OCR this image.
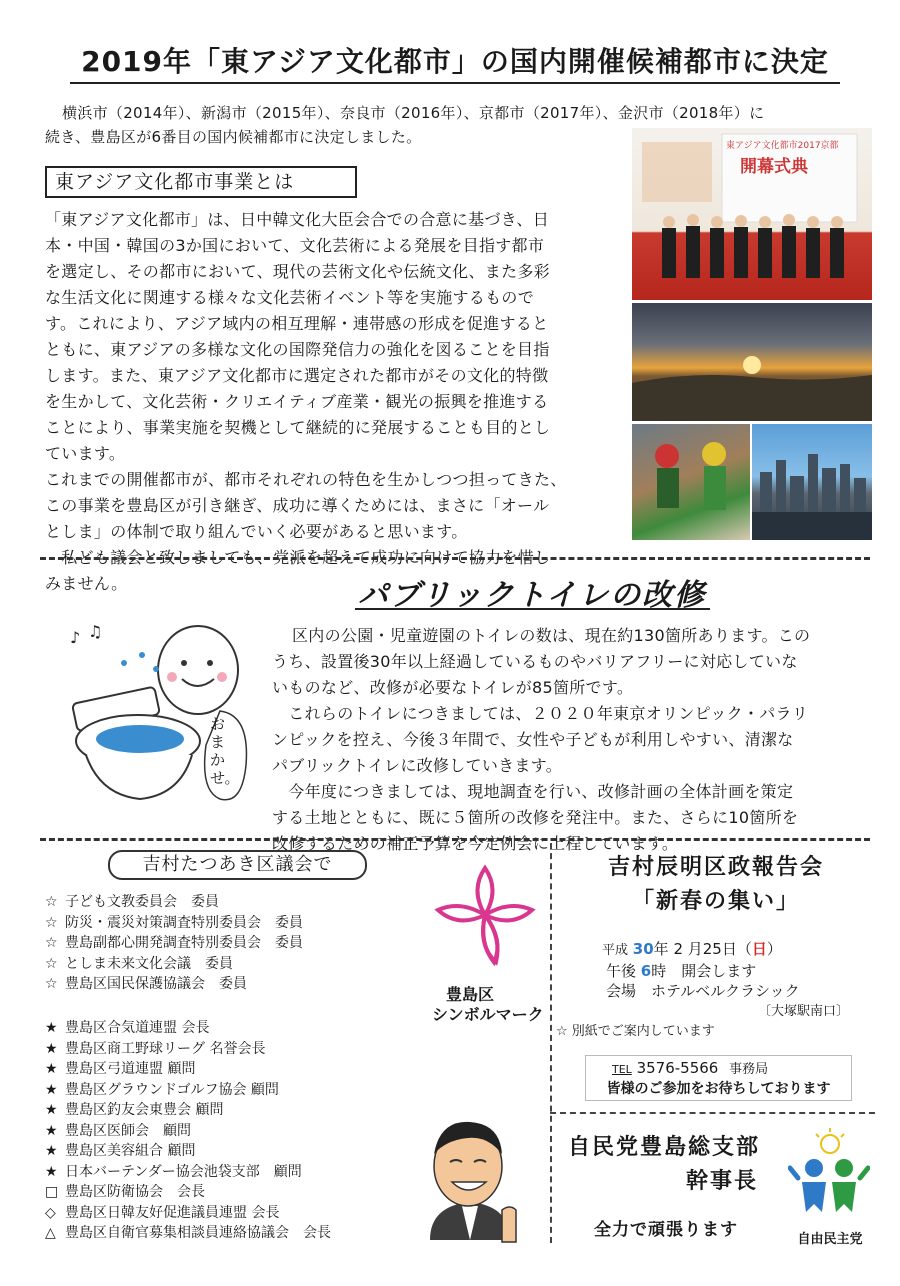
2019年「東アジア文化都市」の国内開催候補都市に決定
横浜市（2014年）、新潟市（2015年）、奈良市（2016年）、京都市（2017年）、金沢市（2018年）に
続き、豊島区が6番目の国内候補都市に決定しました。
東アジア文化都市事業とは
「東アジア文化都市」は、日中韓文化大臣会合での合意に基づき、日
本・中国・韓国の3か国において、文化芸術による発展を目指す都市
を選定し、その都市において、現代の芸術文化や伝統文化、また多彩
な生活文化に関連する様々な文化芸術イベント等を実施するもので
す。これにより、アジア域内の相互理解・連帯感の形成を促進すると
ともに、東アジアの多様な文化の国際発信力の強化を図ることを目指
します。また、東アジア文化都市に選定された都市がその文化的特徴
を生かして、文化芸術・クリエイティブ産業・観光の振興を推進する
ことにより、事業実施を契機として継続的に発展することも目的とし
ています。
これまでの開催都市が、都市それぞれの特色を生かしつつ担ってきた、
この事業を豊島区が引き継ぎ、成功に導くためには、まさに「オール
としま」の体制で取り組んでいく必要があると思います。
　私ども議会と致しましても、党派を超えて成功に向けて協力を惜し
みません。
東アジア文化都市2017京都
開幕式典
パブリックトイレの改修
♪ ♫
おまかせ。
区内の公園・児童遊園のトイレの数は、現在約130箇所あります。この
うち、設置後30年以上経過しているものやバリアフリーに対応していな
いものなど、改修が必要なトイレが85箇所です。
　これらのトイレにつきましては、２０２０年東京オリンピック・パラリ
ンピックを控え、今後３年間で、女性や子どもが利用しやすい、清潔な
パブリックトイレに改修していきます。
　今年度につきましては、現地調査を行い、改修計画の全体計画を策定
する土地とともに、既に５箇所の改修を発注中。また、さらに10箇所を
改修するための補正予算を今定例会に上程しています。
吉村たつあき区議会で
☆ 子ども文教委員会　委員
☆ 防災・震災対策調査特別委員会　委員
☆ 豊島副都心開発調査特別委員会　委員
☆ としま未来文化会議　委員
☆ 豊島区国民保護協議会　委員
★ 豊島区合気道連盟 会長
★ 豊島区商工野球リーグ 名誉会長
★ 豊島区弓道連盟 顧問
★ 豊島区グラウンドゴルフ協会 顧問
★ 豊島区釣友会東豊会 顧問
★ 豊島区医師会　顧問
★ 豊島区美容組合 顧問
★ 日本バーテンダー協会池袋支部　顧問
□ 豊島区防衛協会　会長
◇ 豊島区日韓友好促進議員連盟 会長
△ 豊島区自衛官募集相談員連絡協議会　会長
豊島区
シンボルマーク
吉村辰明区政報告会
「新春の集い」
平成 30年 2 月25日（日）
午後 6時　開会します
会場　ホテルベルクラシック
〔大塚駅南口〕
☆ 別紙でご案内しています
TEL 3576-5566 事務局
皆様のご参加をお待ちしております
自民党豊島総支部
幹事長
全力で頑張ります	自由民主党
